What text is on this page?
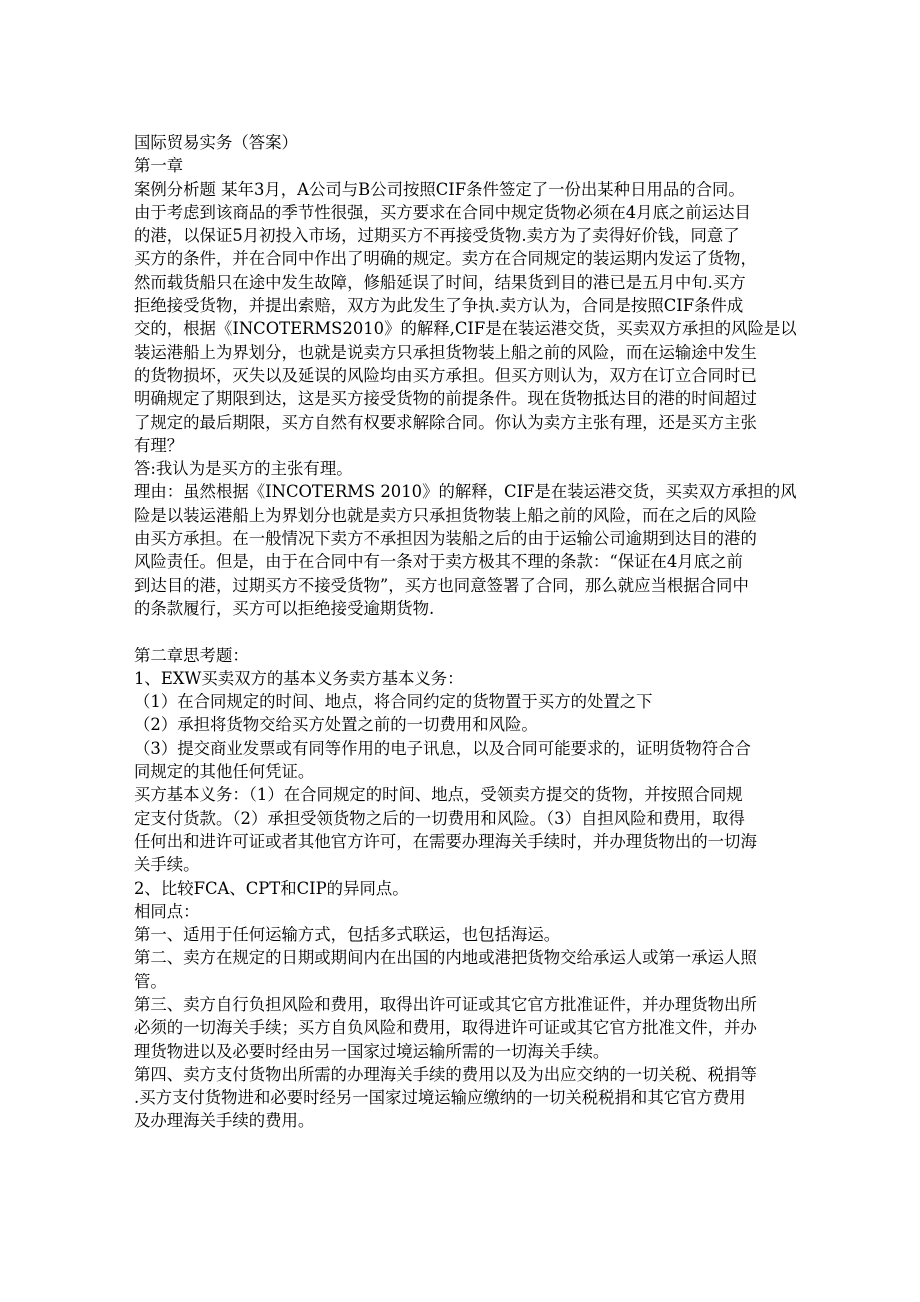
国际贸易实务（答案）
第一章
案例分析题 某年3月，A公司与B公司按照CIF条件签定了一份出某种日用品的合同。
由于考虑到该商品的季节性很强，买方要求在合同中规定货物必须在4月底之前运达目
的港，以保证5月初投入市场，过期买方不再接受货物.卖方为了卖得好价钱，同意了
买方的条件，并在合同中作出了明确的规定。卖方在合同规定的装运期内发运了货物，
然而载货船只在途中发生故障，修船延误了时间，结果货到目的港已是五月中旬.买方
拒绝接受货物，并提出索赔，双方为此发生了争执.卖方认为，合同是按照CIF条件成
交的，根据《INCOTERMS2010》的解释,CIF是在装运港交货，买卖双方承担的风险是以
装运港船上为界划分，也就是说卖方只承担货物装上船之前的风险，而在运输途中发生
的货物损坏，灭失以及延误的风险均由买方承担。但买方则认为，双方在订立合同时已
明确规定了期限到达，这是买方接受货物的前提条件。现在货物抵达目的港的时间超过
了规定的最后期限，买方自然有权要求解除合同。你认为卖方主张有理，还是买方主张
有理？
答:我认为是买方的主张有理。
理由：虽然根据《INCOTERMS 2010》的解释，CIF是在装运港交货，买卖双方承担的风
险是以装运港船上为界划分也就是卖方只承担货物装上船之前的风险，而在之后的风险
由买方承担。在一般情况下卖方不承担因为装船之后的由于运输公司逾期到达目的港的
风险责任。但是，由于在合同中有一条对于卖方极其不理的条款：“保证在4月底之前
到达目的港，过期买方不接受货物”，买方也同意签署了合同，那么就应当根据合同中
的条款履行，买方可以拒绝接受逾期货物.
第二章思考题：
1、EXW买卖双方的基本义务卖方基本义务：
（1）在合同规定的时间、地点，将合同约定的货物置于买方的处置之下
（2）承担将货物交给买方处置之前的一切费用和风险。
（3）提交商业发票或有同等作用的电子讯息，以及合同可能要求的，证明货物符合合
同规定的其他任何凭证。
买方基本义务：（1）在合同规定的时间、地点，受领卖方提交的货物，并按照合同规
定支付货款。（2）承担受领货物之后的一切费用和风险。（3）自担风险和费用，取得
任何出和进许可证或者其他官方许可，在需要办理海关手续时，并办理货物出的一切海
关手续。
2、比较FCA、CPT和CIP的异同点。
相同点：
第一、适用于任何运输方式，包括多式联运，也包括海运。
第二、卖方在规定的日期或期间内在出国的内地或港把货物交给承运人或第一承运人照
管。
第三、卖方自行负担风险和费用，取得出许可证或其它官方批准证件，并办理货物出所
必须的一切海关手续；买方自负风险和费用，取得进许可证或其它官方批准文件，并办
理货物进以及必要时经由另一国家过境运输所需的一切海关手续。
第四、卖方支付货物出所需的办理海关手续的费用以及为出应交纳的一切关税、税捐等
.买方支付货物进和必要时经另一国家过境运输应缴纳的一切关税税捐和其它官方费用
及办理海关手续的费用。
